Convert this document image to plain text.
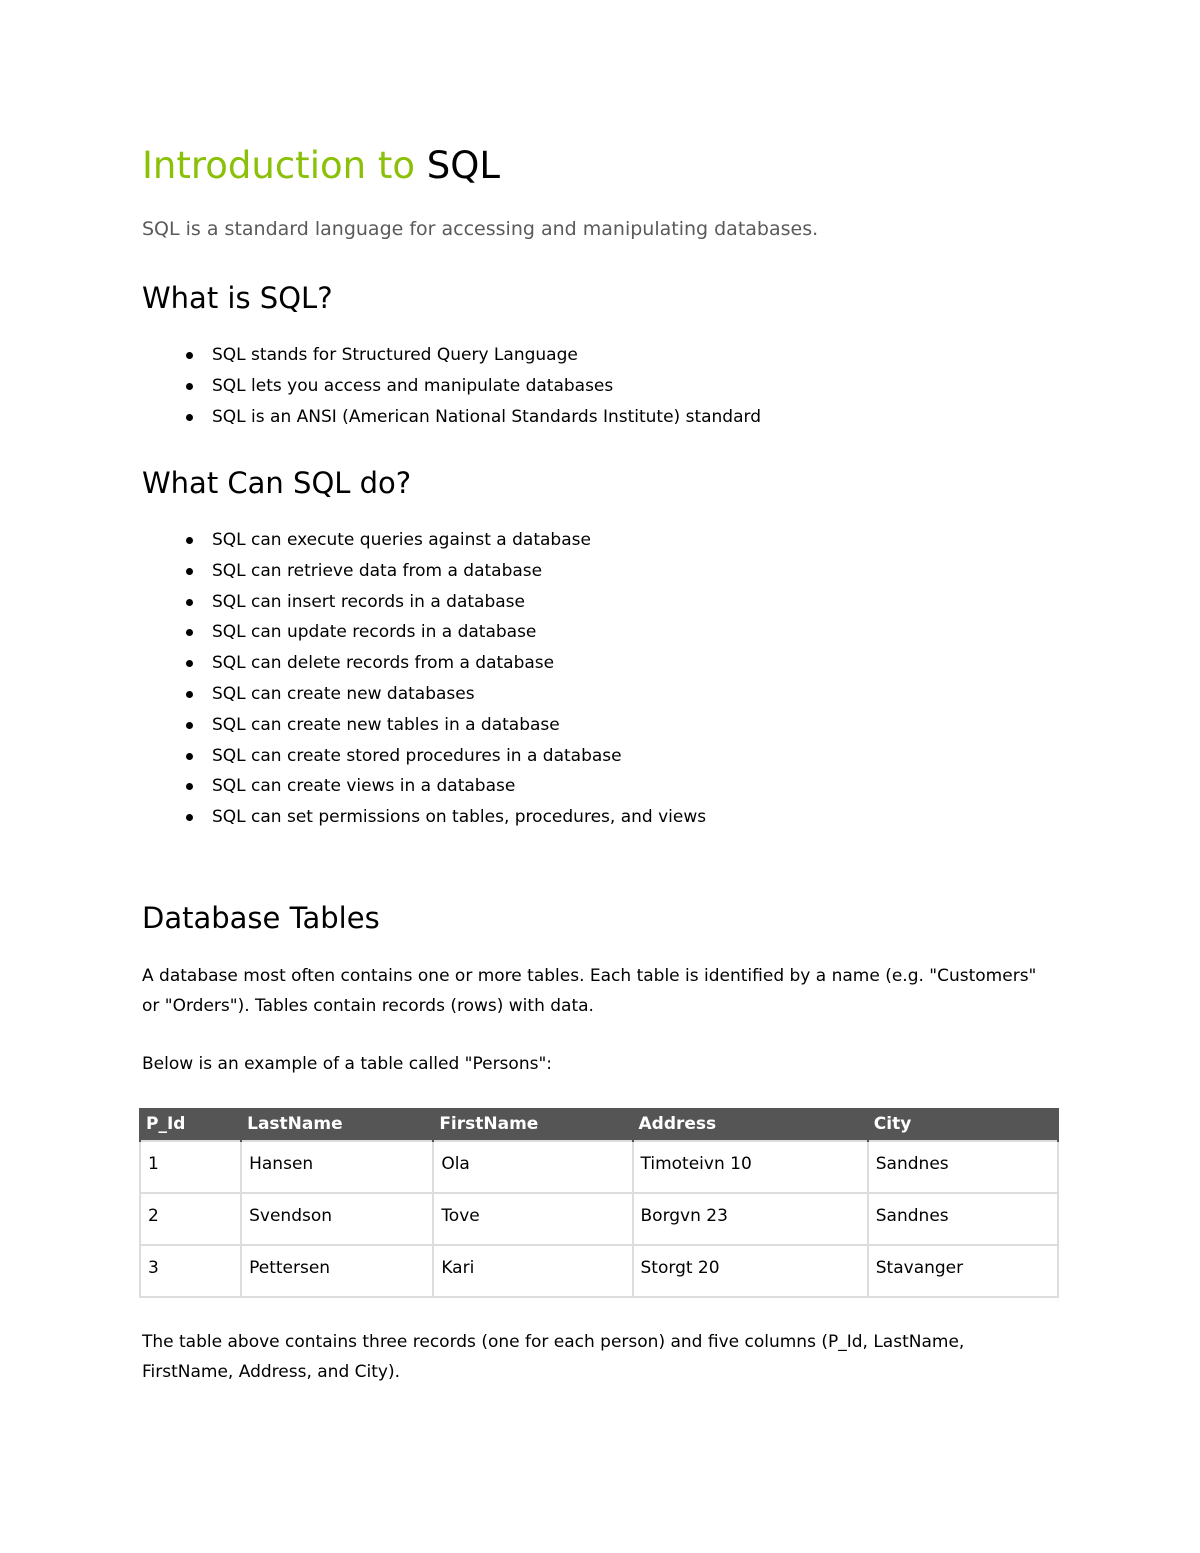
Introduction to SQL

SQL is a standard language for accessing and manipulating databases.

What is SQL?
SQL stands for Structured Query Language
SQL lets you access and manipulate databases
SQL is an ANSI (American National Standards Institute) standard
What Can SQL do?
SQL can execute queries against a database
SQL can retrieve data from a database
SQL can insert records in a database
SQL can update records in a database
SQL can delete records from a database
SQL can create new databases
SQL can create new tables in a database
SQL can create stored procedures in a database
SQL can create views in a database
SQL can set permissions on tables, procedures, and views
Database Tables

A database most often contains one or more tables. Each table is identified by a name (e.g. "Customers" or "Orders"). Tables contain records (rows) with data.

Below is an example of a table called "Persons":

P_Id	LastName	FirstName	Address	City
1	Hansen	Ola	Timoteivn 10	Sandnes
2	Svendson	Tove	Borgvn 23	Sandnes
3	Pettersen	Kari	Storgt 20	Stavanger

The table above contains three records (one for each person) and five columns (P_Id, LastName, FirstName, Address, and City).
